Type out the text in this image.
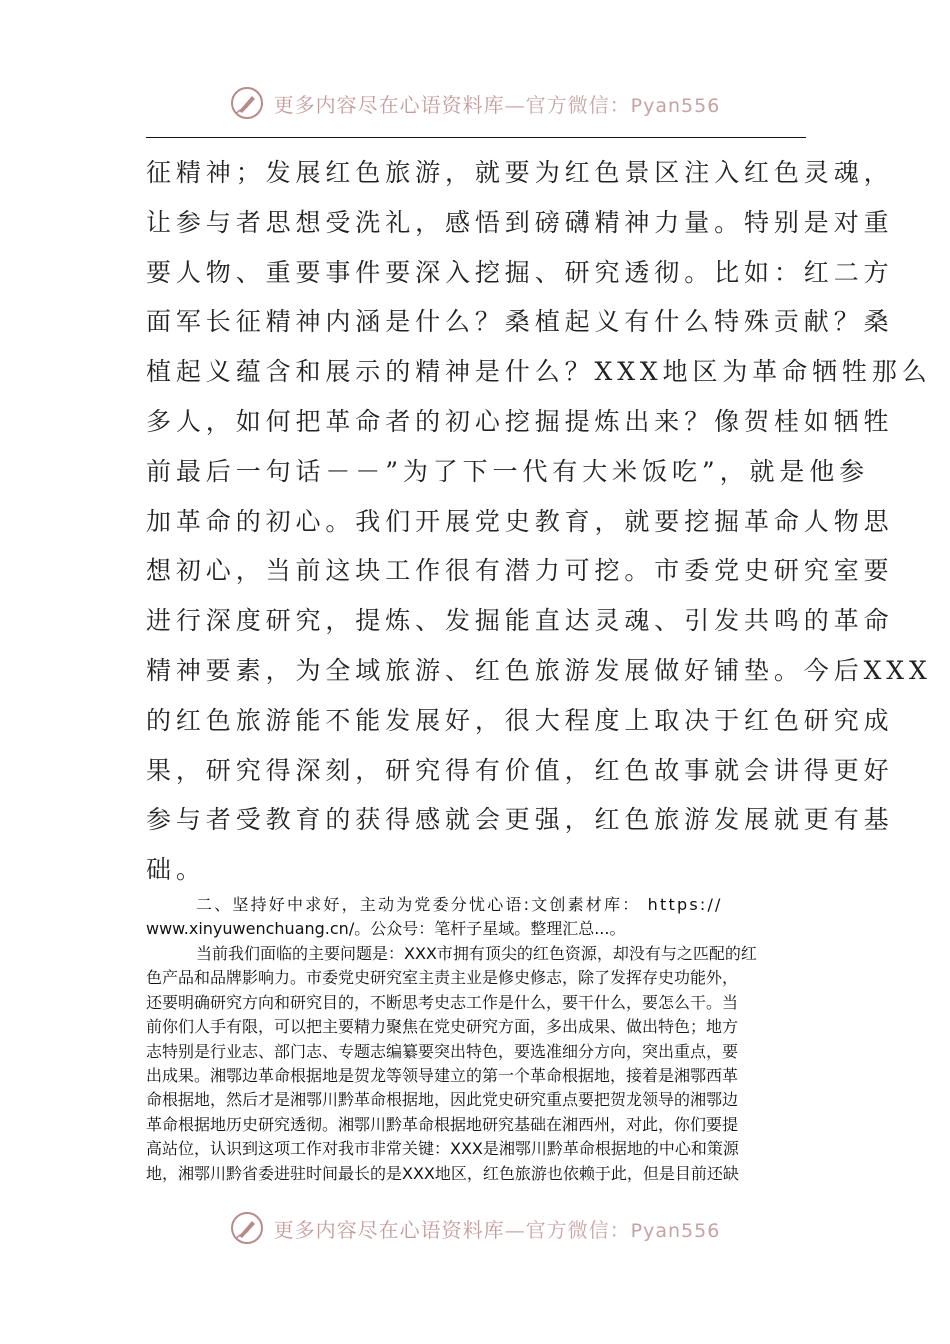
更多内容尽在心语资料库—官方微信：Pyan556
征精神；发展红色旅游，就要为红色景区注入红色灵魂，
让参与者思想受洗礼，感悟到磅礴精神力量。特别是对重
要人物、重要事件要深入挖掘、研究透彻。比如：红二方
面军长征精神内涵是什么？桑植起义有什么特殊贡献？桑
植起义蕴含和展示的精神是什么？XXX地区为革命牺牲那么
多人，如何把革命者的初心挖掘提炼出来？像贺桂如牺牲
前最后一句话－－”为了下一代有大米饭吃”，就是他参
加革命的初心。我们开展党史教育，就要挖掘革命人物思
想初心，当前这块工作很有潜力可挖。市委党史研究室要
进行深度研究，提炼、发掘能直达灵魂、引发共鸣的革命
精神要素，为全域旅游、红色旅游发展做好铺垫。今后XXX
的红色旅游能不能发展好，很大程度上取决于红色研究成
果，研究得深刻，研究得有价值，红色故事就会讲得更好
参与者受教育的获得感就会更强，红色旅游发展就更有基
础。
二、坚持好中求好，主动为党委分忧心语:文创素材库： https://
www.xinyuwenchuang.cn/。公众号：笔杆子星域。整理汇总...。
当前我们面临的主要问题是：XXX市拥有顶尖的红色资源，却没有与之匹配的红
色产品和品牌影响力。市委党史研究室主责主业是修史修志，除了发挥存史功能外，
还要明确研究方向和研究目的，不断思考史志工作是什么，要干什么，要怎么干。当
前你们人手有限，可以把主要精力聚焦在党史研究方面，多出成果、做出特色；地方
志特别是行业志、部门志、专题志编纂要突出特色，要选准细分方向，突出重点，要
出成果。湘鄂边革命根据地是贺龙等领导建立的第一个革命根据地，接着是湘鄂西革
命根据地，然后才是湘鄂川黔革命根据地，因此党史研究重点要把贺龙领导的湘鄂边
革命根据地历史研究透彻。湘鄂川黔革命根据地研究基础在湘西州，对此，你们要提
高站位，认识到这项工作对我市非常关键：XXX是湘鄂川黔革命根据地的中心和策源
地，湘鄂川黔省委进驻时间最长的是XXX地区，红色旅游也依赖于此，但是目前还缺
更多内容尽在心语资料库—官方微信：Pyan556
